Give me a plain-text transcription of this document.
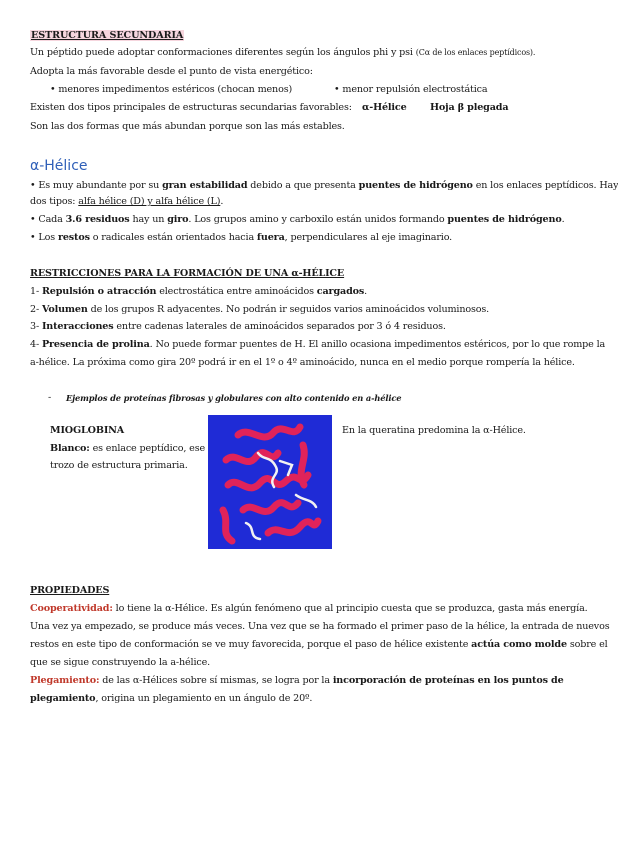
ESTRUCTURA SECUNDARIA
Un péptido puede adoptar conformaciones diferentes según los ángulos phi y psi (Cα de los enlaces peptídicos).
Adopta la más favorable desde el punto de vista energético:
• menores impedimentos estéricos (chocan menos)	• menor repulsión electrostática
Existen dos tipos principales de estructuras secundarias favorables: α-Hélice Hoja β plegada
Son las dos formas que más abundan porque son las más estables.
α-Hélice
• Es muy abundante por su gran estabilidad debido a que presenta puentes de hidrógeno en los enlaces peptídicos. Hay
dos tipos: alfa hélice (D) y alfa hélice (L).
• Cada 3.6 residuos hay un giro. Los grupos amino y carboxilo están unidos formando puentes de hidrógeno.
• Los restos o radicales están orientados hacia fuera, perpendiculares al eje imaginario.
RESTRICCIONES PARA LA FORMACIÓN DE UNA α-HÉLICE
1- Repulsión o atracción electrostática entre aminoácidos cargados.
2- Volumen de los grupos R adyacentes. No podrán ir seguidos varios aminoácidos voluminosos.
3- Interacciones entre cadenas laterales de aminoácidos separados por 3 ó 4 residuos.
4- Presencia de prolina. No puede formar puentes de H. El anillo ocasiona impedimentos estéricos, por lo que rompe la
a-hélice. La próxima como gira 20º podrá ir en el 1º o 4º aminoácido, nunca en el medio porque rompería la hélice.
- Ejemplos de proteínas fibrosas y globulares con alto contenido en a-hélice
MIOGLOBINA
Blanco: es enlace peptídico, ese
trozo de estructura primaria.
En la queratina predomina la α-Hélice.
PROPIEDADES
Cooperatividad: lo tiene la α-Hélice. Es algún fenómeno que al principio cuesta que se produzca, gasta más energía.
Una vez ya empezado, se produce más veces. Una vez que se ha formado el primer paso de la hélice, la entrada de nuevos
restos en este tipo de conformación se ve muy favorecida, porque el paso de hélice existente actúa como molde sobre el
que se sigue construyendo la a-hélice.
Plegamiento: de las α-Hélices sobre sí mismas, se logra por la incorporación de proteínas en los puntos de
plegamiento, origina un plegamiento en un ángulo de 20º.
